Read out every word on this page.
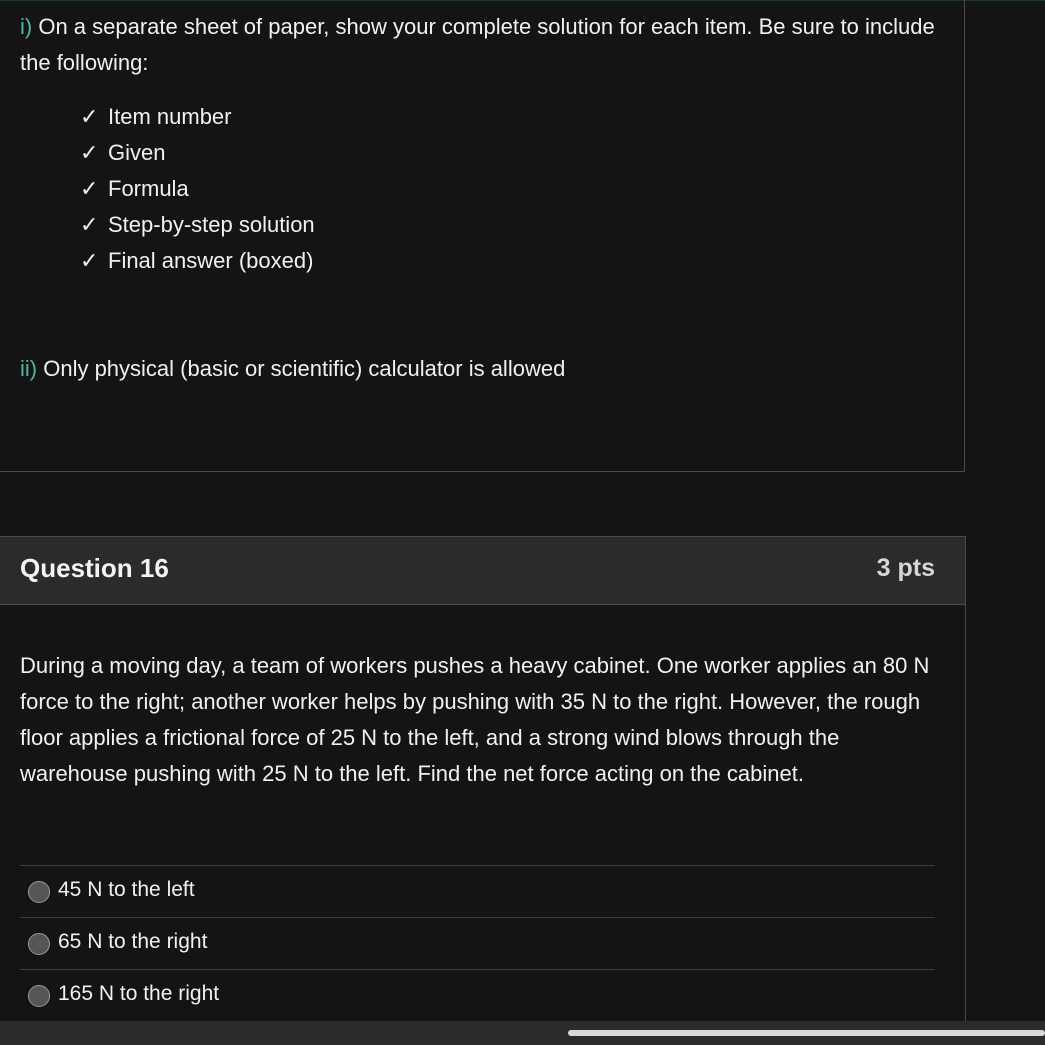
i) On a separate sheet of paper, show your complete solution for each item. Be sure to include the following:
✓ Item number
✓ Given
✓ Formula
✓ Step-by-step solution
✓ Final answer (boxed)
ii) Only physical (basic or scientific) calculator is allowed
Question 16	3 pts
During a moving day, a team of workers pushes a heavy cabinet. One worker applies an 80 N force to the right; another worker helps by pushing with 35 N to the right. However, the rough floor applies a frictional force of 25 N to the left, and a strong wind blows through the warehouse pushing with 25 N to the left. Find the net force acting on the cabinet.
45 N to the left
65 N to the right
165 N to the right
